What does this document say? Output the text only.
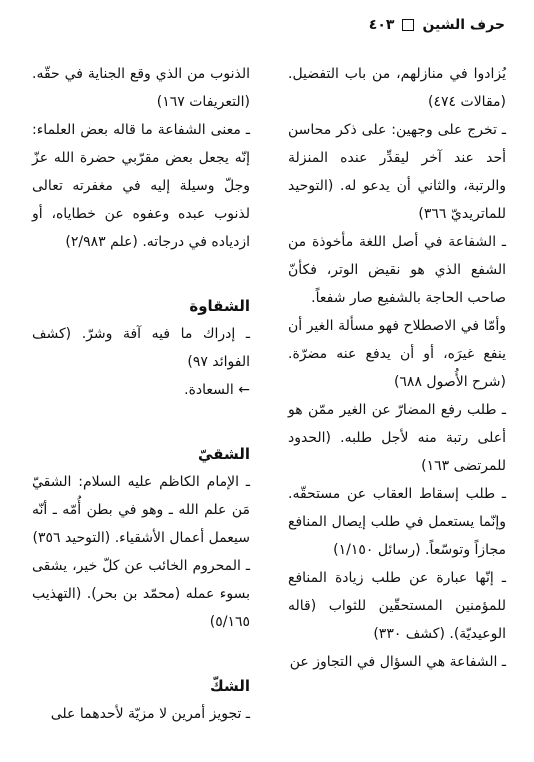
حرف الشين
٤٠٣

يُزادوا في منازلهم، من باب التفضيل. (مقالات ٤٧٤)

ـ تخرج على وجهين: على ذكر محاسن أحد عند آخر ليقدِّر عنده المنزلة والرتبة، والثاني أن يدعو له. (التوحيد للماتريديّ ٣٦٦)

ـ الشفاعة في أصل اللغة مأخوذة من الشفع الذي هو نقيض الوتر، فكأنّ صاحب الحاجة بالشفيع صار شفعاً.

وأمّا في الاصطلاح فهو مسألة الغير أن ينفع غيرَه، أو أن يدفع عنه مضرّة. (شرح الأُصول ٦٨٨)

ـ طلب رفع المضارّ عن الغير ممّن هو أعلى رتبة منه لأجل طلبه. (الحدود للمرتضى ١٦٣)

ـ طلب إسقاط العقاب عن مستحقّه. وإنّما يستعمل في طلب إيصال المنافع مجازاً وتوسّعاً. (رسائل ١/١٥٠)

ـ إنّها عبارة عن طلب زيادة المنافع للمؤمنين المستحقّين للثواب (قاله الوعيديّة). (كشف ٣٣٠)

ـ الشفاعة هي السؤال في التجاوز عن

الذنوب من الذي وقع الجناية في حقّه. (التعريفات ١٦٧)

ـ معنى الشفاعة ما قاله بعض العلماء: إنّه يجعل بعض مقرّبي حضرة الله عزّ وجلّ وسيلة إليه في مغفرته تعالى لذنوب عبده وعفوه عن خطاياه، أو ازدياده في درجاته. (علم ٢/٩٨٣)

الشقاوة

ـ إدراك ما فيه آفة وشرّ. (كشف الفوائد ٩٧)

← السعادة.

الشقيّ

ـ الإمام الكاظم عليه السلام: الشقيّ مَن علم الله ـ وهو في بطن أُمّه ـ أنّه سيعمل أعمال الأشقياء. (التوحيد ٣٥٦)

ـ المحروم الخائب عن كلّ خير، يشقى بسوء عمله (محمّد بن بحر). (التهذيب ٥/١٦٥)

الشكّ

ـ تجويز أمرين لا مزيّة لأحدهما على
